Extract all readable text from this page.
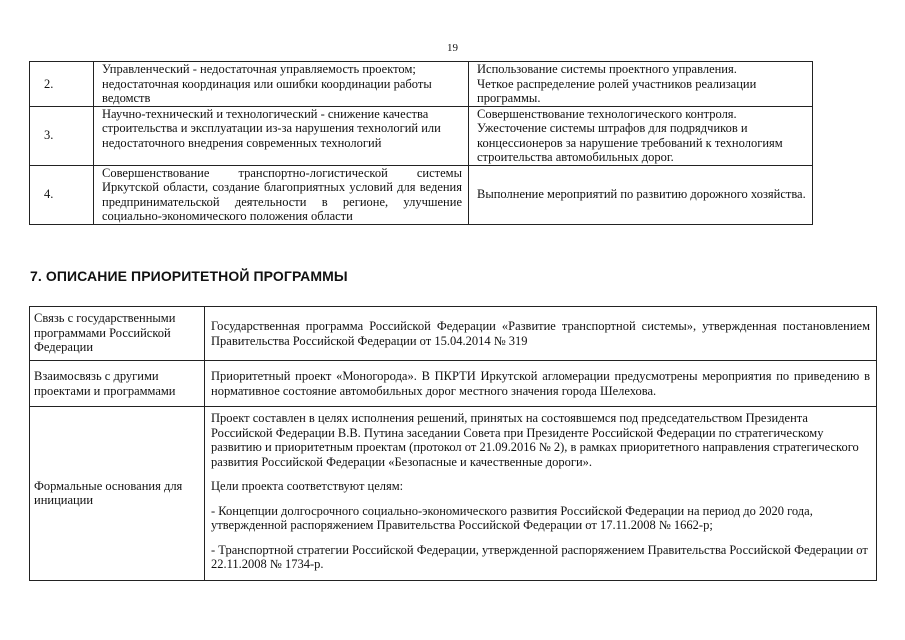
19
2.	Управленческий - недостаточная управляемость проектом; недостаточная координация или ошибки координации работы ведомств	Использование системы проектного управления.
Четкое распределение ролей участников реализации программы.

3.	Научно-технический и технологический - снижение качества строительства и эксплуатации из-за нарушения технологий или недостаточного внедрения современных технологий	Совершенствование технологического контроля.
Ужесточение системы штрафов для подрядчиков и концессионеров за нарушение требований к технологиям строительства автомобильных дорог.

4.	Совершенствование транспортно-логистической системы Иркутской области, создание благоприятных условий для ведения предпринимательской деятельности в регионе, улучшение социально-экономического положения области	Выполнение мероприятий по развитию дорожного хозяйства.
7. ОПИСАНИЕ ПРИОРИТЕТНОЙ ПРОГРАММЫ
Связь с государственными программами Российской Федерации	Государственная программа Российской Федерации «Развитие транспортной системы», утвержденная постановлением Правительства Российской Федерации от 15.04.2014 № 319

Взаимосвязь с другими проектами и программами	Приоритетный проект «Моногорода». В ПКРТИ Иркутской агломерации предусмотрены мероприятия по приведению в нормативное состояние автомобильных дорог местного значения города Шелехова.

Формальные основания для инициации	Проект составлен в целях исполнения решений, принятых на состоявшемся под председательством Президента Российской Федерации В.В. Путина заседании Совета при Президенте Российской Федерации по стратегическому развитию и приоритетным проектам (протокол от 21.09.2016 № 2), в рамках приоритетного направления стратегического развития Российской Федерации «Безопасные и качественные дороги».
Цели проекта соответствуют целям:
- Концепции долгосрочного социально-экономического развития Российской Федерации на период до 2020 года, утвержденной распоряжением Правительства Российской Федерации от 17.11.2008 № 1662-р;
- Транспортной стратегии Российской Федерации, утвержденной распоряжением Правительства Российской Федерации от 22.11.2008 № 1734-р.
